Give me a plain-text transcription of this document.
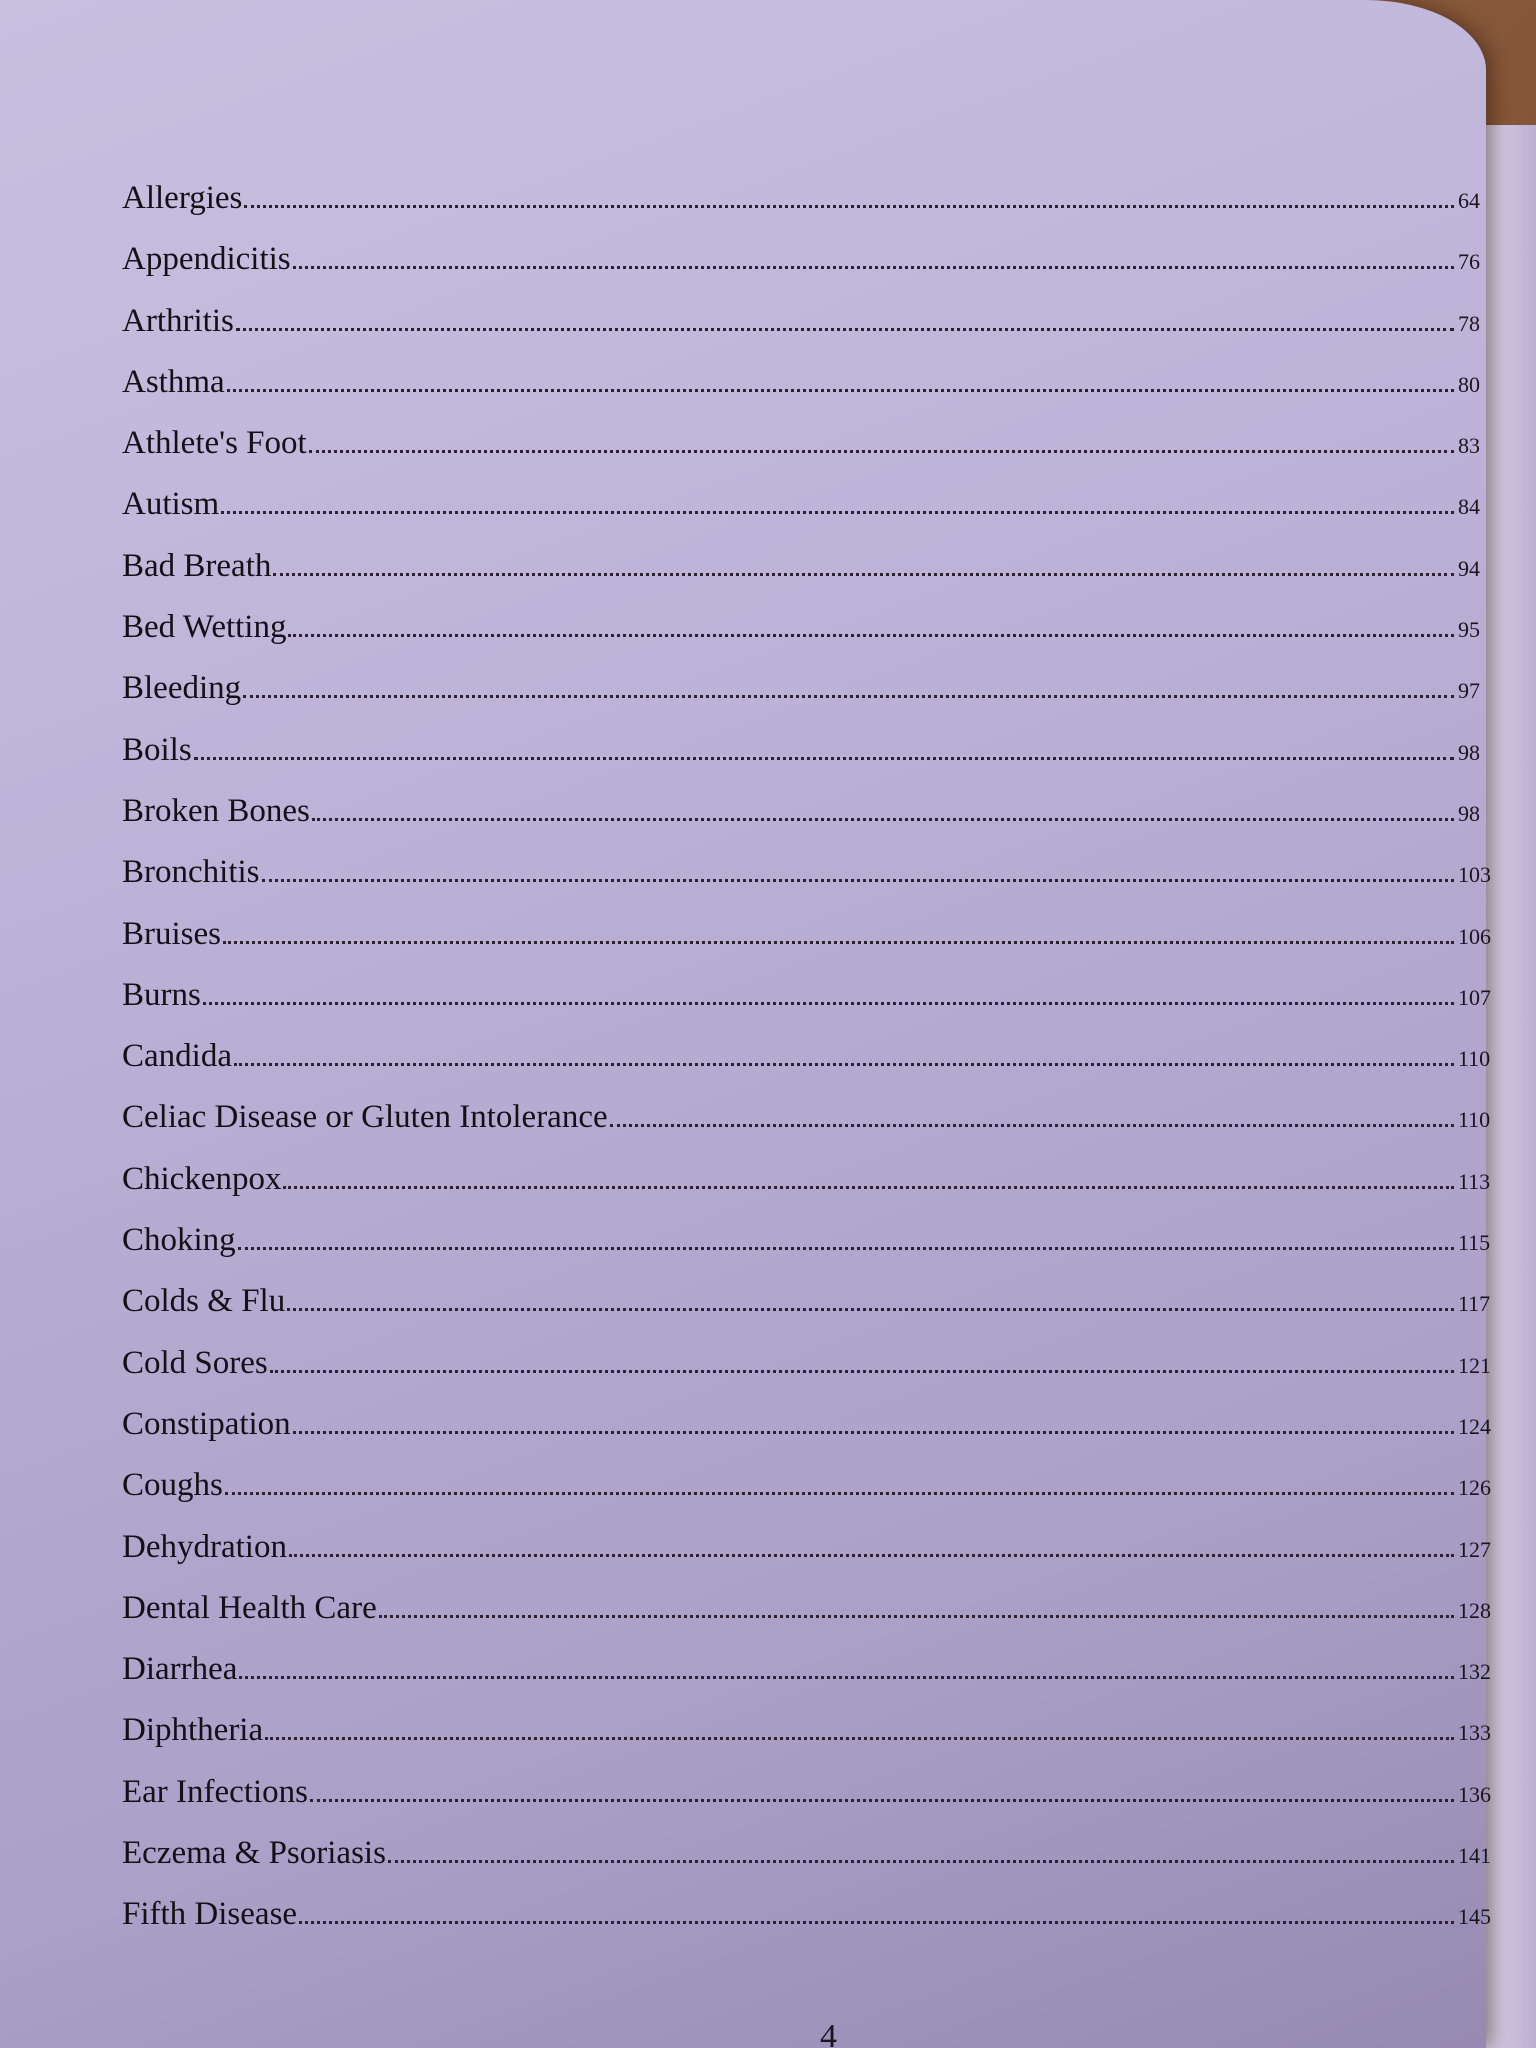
Allergies	64
Appendicitis	76
Arthritis	78
Asthma	80
Athlete's Foot	83
Autism	84
Bad Breath	94
Bed Wetting	95
Bleeding	97
Boils	98
Broken Bones	98
Bronchitis	103
Bruises	106
Burns	107
Candida	110
Celiac Disease or Gluten Intolerance	110
Chickenpox	113
Choking	115
Colds & Flu	117
Cold Sores	121
Constipation	124
Coughs	126
Dehydration	127
Dental Health Care	128
Diarrhea	132
Diphtheria	133
Ear Infections	136
Eczema & Psoriasis	141
Fifth Disease	145
4
